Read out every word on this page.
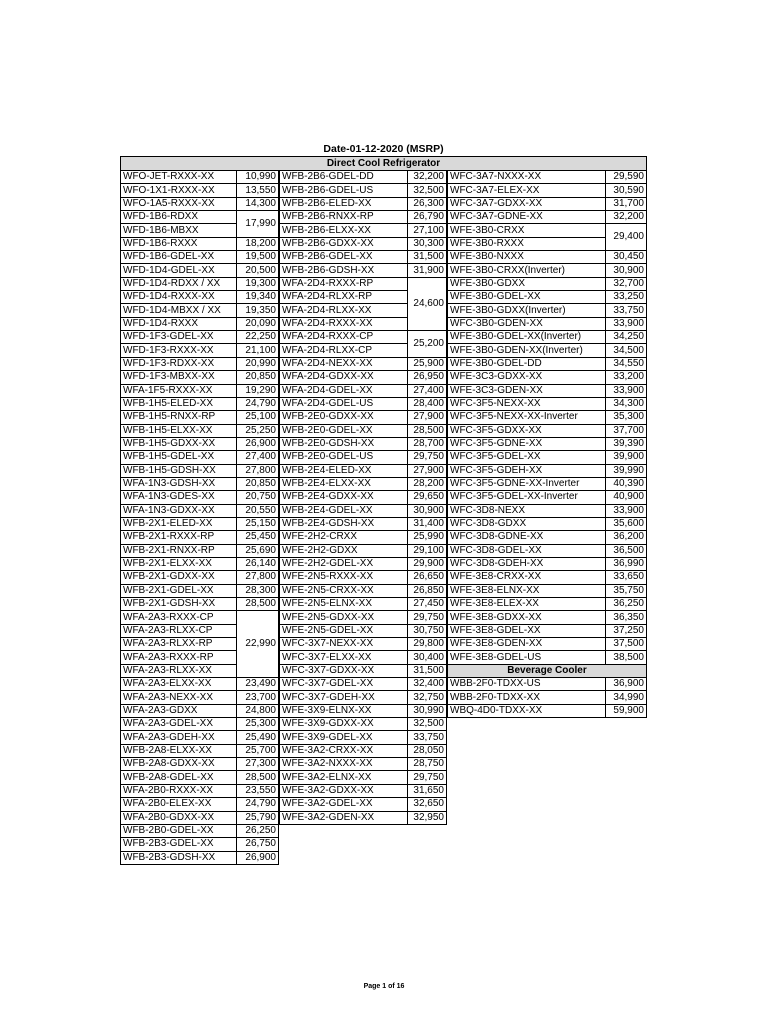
Date-01-12-2020 (MSRP)
Direct Cool Refrigerator
WFO-JET-RXXX-XX	10,990
WFO-1X1-RXXX-XX	13,550
WFO-1A5-RXXX-XX	14,300
WFD-1B6-RDXX	17,990
WFD-1B6-MBXX	
WFD-1B6-RXXX	18,200
WFD-1B6-GDEL-XX	19,500
WFD-1D4-GDEL-XX	20,500
WFD-1D4-RDXX / XX	19,300
WFD-1D4-RXXX-XX	19,340
WFD-1D4-MBXX / XX	19,350
WFD-1D4-RXXX	20,090
WFD-1F3-GDEL-XX	22,250
WFD-1F3-RXXX-XX	21,100
WFD-1F3-RDXX-XX	20,990
WFD-1F3-MBXX-XX	20,850
WFA-1F5-RXXX-XX	19,290
WFB-1H5-ELED-XX	24,790
WFB-1H5-RNXX-RP	25,100
WFB-1H5-ELXX-XX	25,250
WFB-1H5-GDXX-XX	26,900
WFB-1H5-GDEL-XX	27,400
WFB-1H5-GDSH-XX	27,800
WFA-1N3-GDSH-XX	20,850
WFA-1N3-GDES-XX	20,750
WFA-1N3-GDXX-XX	20,550
WFB-2X1-ELED-XX	25,150
WFB-2X1-RXXX-RP	25,450
WFB-2X1-RNXX-RP	25,690
WFB-2X1-ELXX-XX	26,140
WFB-2X1-GDXX-XX	27,800
WFB-2X1-GDEL-XX	28,300
WFB-2X1-GDSH-XX	28,500
WFA-2A3-RXXX-CP	22,990
WFA-2A3-RLXX-CP	
WFA-2A3-RLXX-RP	
WFA-2A3-RXXX-RP	
WFA-2A3-RLXX-XX	
WFA-2A3-ELXX-XX	23,490
WFA-2A3-NEXX-XX	23,700
WFA-2A3-GDXX	24,800
WFA-2A3-GDEL-XX	25,300
WFA-2A3-GDEH-XX	25,490
WFB-2A8-ELXX-XX	25,700
WFB-2A8-GDXX-XX	27,300
WFB-2A8-GDEL-XX	28,500
WFA-2B0-RXXX-XX	23,550
WFA-2B0-ELEX-XX	24,790
WFA-2B0-GDXX-XX	25,790
WFB-2B0-GDEL-XX	26,250
WFB-2B3-GDEL-XX	26,750
WFB-2B3-GDSH-XX	26,900
WFB-2B6-GDEL-DD	32,200
WFB-2B6-GDEL-US	32,500
WFB-2B6-ELED-XX	26,300
WFB-2B6-RNXX-RP	26,790
WFB-2B6-ELXX-XX	27,100
WFB-2B6-GDXX-XX	30,300
WFB-2B6-GDEL-XX	31,500
WFB-2B6-GDSH-XX	31,900
WFA-2D4-RXXX-RP	24,600
WFA-2D4-RLXX-RP	
WFA-2D4-RLXX-XX	
WFA-2D4-RXXX-XX	
WFA-2D4-RXXX-CP	25,200
WFA-2D4-RLXX-CP	
WFA-2D4-NEXX-XX	25,900
WFA-2D4-GDXX-XX	26,950
WFA-2D4-GDEL-XX	27,400
WFA-2D4-GDEL-US	28,400
WFB-2E0-GDXX-XX	27,900
WFB-2E0-GDEL-XX	28,500
WFB-2E0-GDSH-XX	28,700
WFB-2E0-GDEL-US	29,750
WFB-2E4-ELED-XX	27,900
WFB-2E4-ELXX-XX	28,200
WFB-2E4-GDXX-XX	29,650
WFB-2E4-GDEL-XX	30,900
WFB-2E4-GDSH-XX	31,400
WFE-2H2-CRXX	25,990
WFE-2H2-GDXX	29,100
WFE-2H2-GDEL-XX	29,900
WFE-2N5-RXXX-XX	26,650
WFE-2N5-CRXX-XX	26,850
WFE-2N5-ELNX-XX	27,450
WFE-2N5-GDXX-XX	29,750
WFE-2N5-GDEL-XX	30,750
WFC-3X7-NEXX-XX	29,800
WFC-3X7-ELXX-XX	30,400
WFC-3X7-GDXX-XX	31,500
WFC-3X7-GDEL-XX	32,400
WFC-3X7-GDEH-XX	32,750
WFE-3X9-ELNX-XX	30,990
WFE-3X9-GDXX-XX	32,500
WFE-3X9-GDEL-XX	33,750
WFE-3A2-CRXX-XX	28,050
WFE-3A2-NXXX-XX	28,750
WFE-3A2-ELNX-XX	29,750
WFE-3A2-GDXX-XX	31,650
WFE-3A2-GDEL-XX	32,650
WFE-3A2-GDEN-XX	32,950
WFC-3A7-NXXX-XX	29,590
WFC-3A7-ELEX-XX	30,590
WFC-3A7-GDXX-XX	31,700
WFC-3A7-GDNE-XX	32,200
WFE-3B0-CRXX	29,400
WFE-3B0-RXXX	
WFE-3B0-NXXX	30,450
WFE-3B0-CRXX(Inverter)	30,900
WFE-3B0-GDXX	32,700
WFE-3B0-GDEL-XX	33,250
WFE-3B0-GDXX(Inverter)	33,750
WFC-3B0-GDEN-XX	33,900
WFE-3B0-GDEL-XX(Inverter)	34,250
WFE-3B0-GDEN-XX(Inverter)	34,500
WFE-3B0-GDEL-DD	34,550
WFE-3C3-GDXX-XX	33,200
WFE-3C3-GDEN-XX	33,900
WFC-3F5-NEXX-XX	34,300
WFC-3F5-NEXX-XX-Inverter	35,300
WFC-3F5-GDXX-XX	37,700
WFC-3F5-GDNE-XX	39,390
WFC-3F5-GDEL-XX	39,900
WFC-3F5-GDEH-XX	39,990
WFC-3F5-GDNE-XX-Inverter	40,390
WFC-3F5-GDEL-XX-Inverter	40,900
WFC-3D8-NEXX	33,900
WFC-3D8-GDXX	35,600
WFC-3D8-GDNE-XX	36,200
WFC-3D8-GDEL-XX	36,500
WFC-3D8-GDEH-XX	36,990
WFE-3E8-CRXX-XX	33,650
WFE-3E8-ELNX-XX	35,750
WFE-3E8-ELEX-XX	36,250
WFE-3E8-GDXX-XX	36,350
WFE-3E8-GDEL-XX	37,250
WFE-3E8-GDEN-XX	37,500
WFE-3E8-GDEL-US	38,500
Beverage Cooler	
WBB-2F0-TDXX-US	36,900
WBB-2F0-TDXX-XX	34,990
WBQ-4D0-TDXX-XX	59,900
Page 1 of 16
